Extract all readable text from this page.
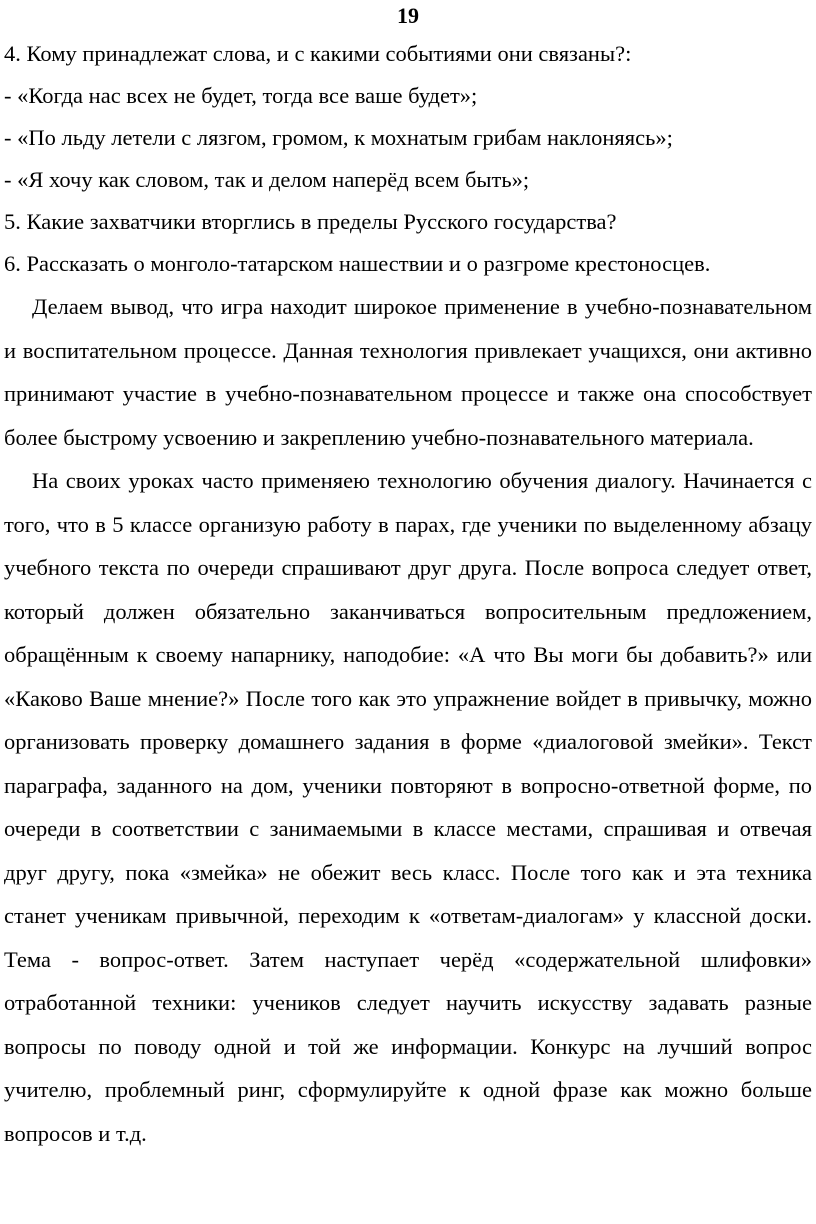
19

4. Кому принадлежат слова, и с какими событиями они связаны?:

- «Когда нас всех не будет, тогда все ваше будет»;

- «По льду летели с лязгом, громом, к мохнатым грибам наклоняясь»;

- «Я хочу как словом, так и делом наперёд всем быть»;

5. Какие захватчики вторглись в пределы Русского государства?

6. Рассказать о монголо-татарском нашествии и о разгроме крестоносцев.

Делаем вывод, что игра находит широкое применение в учебно-познавательном и воспитательном процессе. Данная технология привлекает учащихся, они активно принимают участие в учебно-познавательном процессе и также она способствует более быстрому усвоению и закреплению учебно-познавательного материала.

На своих уроках часто применяею технологию обучения диалогу. Начинается с того, что в 5 классе организую работу в парах, где ученики по выделенному абзацу учебного текста по очереди спрашивают друг друга. После вопроса следует ответ, который должен обязательно заканчиваться вопросительным предложением, обращённым к своему напарнику, наподобие: «А что Вы моги бы добавить?» или «Каково Ваше мнение?» После того как это упражнение войдет в привычку, можно организовать проверку домашнего задания в форме «диалоговой змейки». Текст параграфа, заданного на дом, ученики повторяют в вопросно-ответной форме, по очереди в соответствии с занимаемыми в классе местами, спрашивая и отвечая друг другу, пока «змейка» не обежит весь класс. После того как и эта техника станет ученикам привычной, переходим к «ответам-диалогам» у классной доски. Тема - вопрос-ответ. Затем наступает черёд «содержательной шлифовки» отработанной техники: учеников следует научить искусству задавать разные вопросы по поводу одной и той же информации. Конкурс на лучший вопрос учителю, проблемный ринг, сформулируйте к одной фразе как можно больше вопросов и т.д.
